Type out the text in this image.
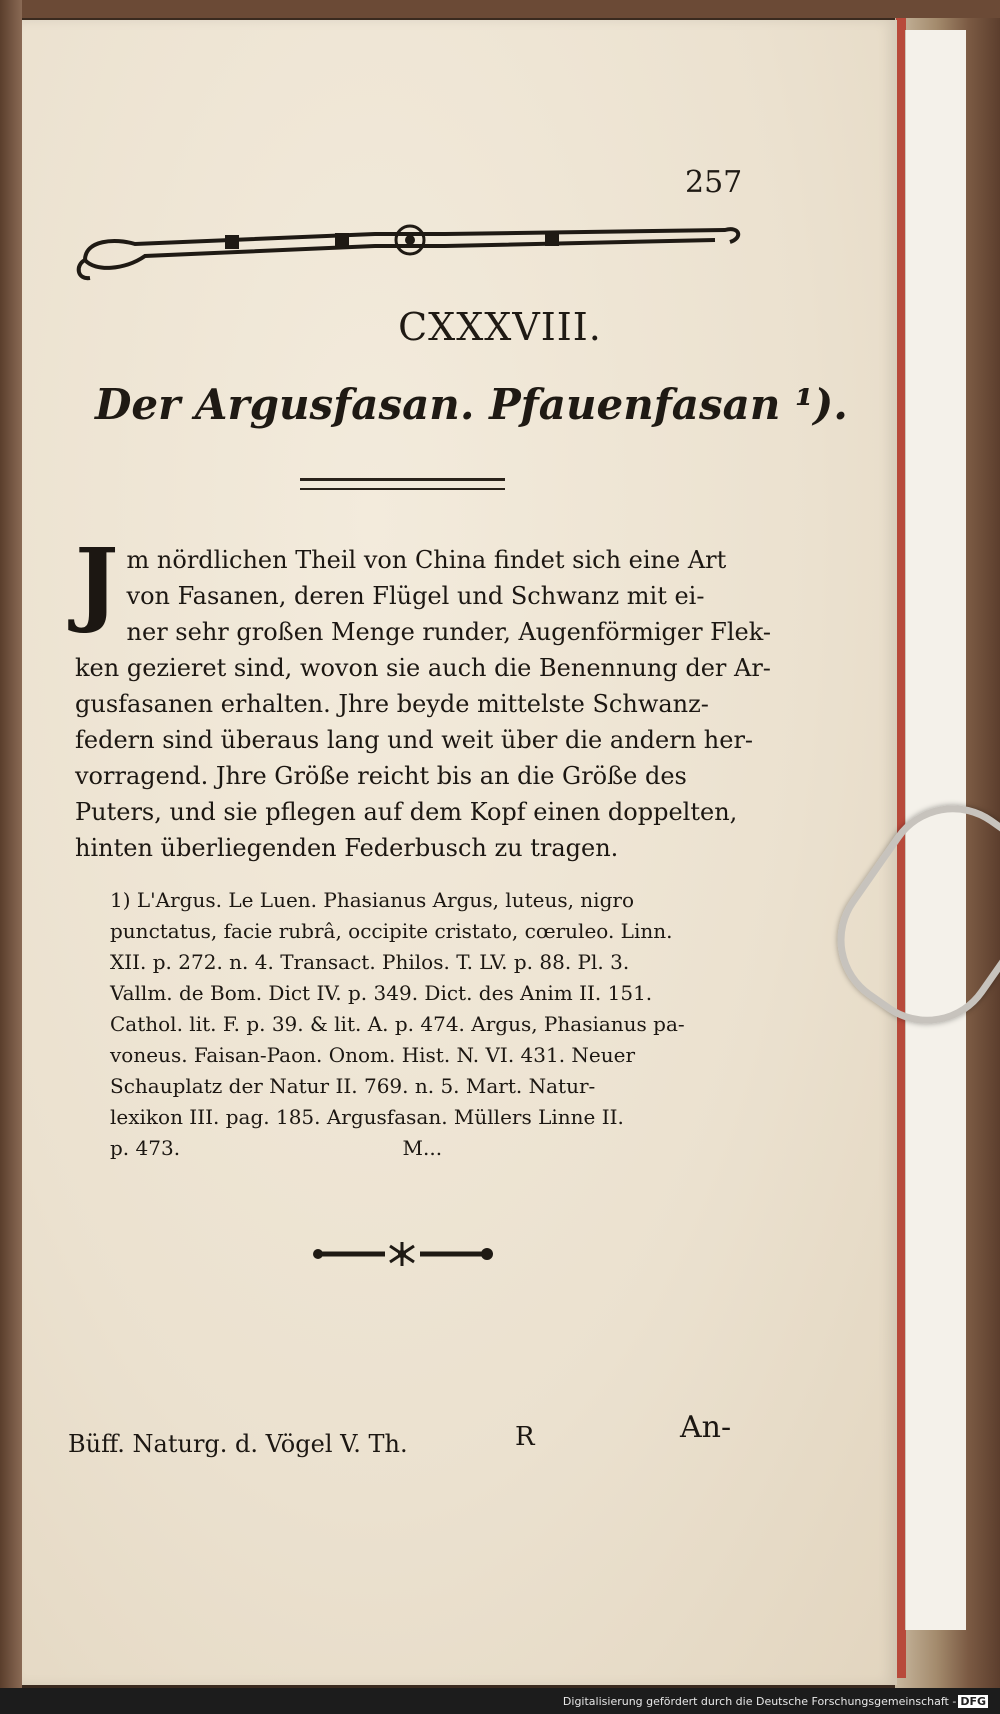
257
CXXXVIII.
Der Argusfasan. Pfauenfasan ¹).
J m nördlichen Theil von China findet sich eine Art
von Fasanen, deren Flügel und Schwanz mit ei-
ner sehr großen Menge runder, Augenförmiger Flek-
ken gezieret sind, wovon sie auch die Benennung der Ar-
gusfasanen erhalten. Jhre beyde mittelste Schwanz-
federn sind überaus lang und weit über die andern her-
vorragend. Jhre Größe reicht bis an die Größe des
Puters, und sie pflegen auf dem Kopf einen doppelten,
hinten überliegenden Federbusch zu tragen.
1) L'Argus. Le Luen. Phasianus Argus, luteus, nigro
punctatus, facie rubrâ, occipite cristato, cœruleo. Linn.
XII. p. 272. n. 4. Transact. Philos. T. LV. p. 88. Pl. 3.
Vallm. de Bom. Dict IV. p. 349. Dict. des Anim II. 151.
Cathol. lit. F. p. 39. & lit. A. p. 474. Argus, Phasianus pa-
voneus. Faisan-Paon. Onom. Hist. N. VI. 431. Neuer
Schauplatz der Natur II. 769. n. 5. Mart. Natur-
lexikon III. pag. 185. Argusfasan. Müllers Linne II.
p. 473.                                   M...
Büff. Naturg. d. Vögel V. Th.	R	An-
Digitalisierung gefördert durch die Deutsche Forschungsgemeinschaft - DFG
